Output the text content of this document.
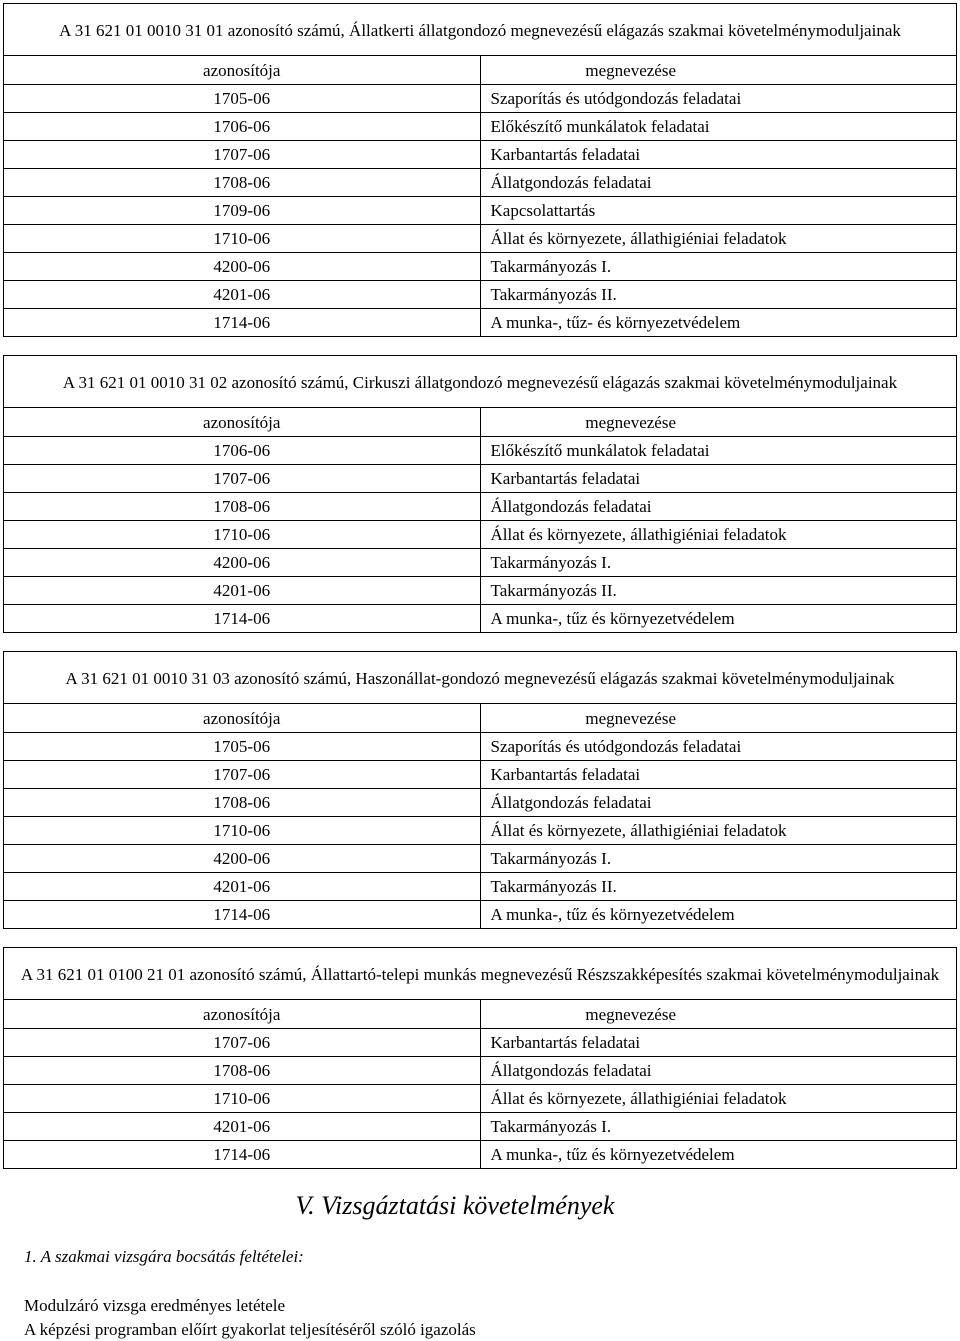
A 31 621 01 0010 31 01 azonosító számú, Állatkerti állatgondozó megnevezésű elágazás szakmai követelménymoduljainak	
azonosítója	megnevezése
1705-06	Szaporítás és utódgondozás feladatai
1706-06	Előkészítő munkálatok feladatai
1707-06	Karbantartás feladatai
1708-06	Állatgondozás feladatai
1709-06	Kapcsolattartás
1710-06	Állat és környezete, állathigiéniai feladatok
4200-06	Takarmányozás I.
4201-06	Takarmányozás II.
1714-06	A munka-, tűz- és környezetvédelem
A 31 621 01 0010 31 02 azonosító számú, Cirkuszi állatgondozó megnevezésű elágazás szakmai követelménymoduljainak	
azonosítója	megnevezése
1706-06	Előkészítő munkálatok feladatai
1707-06	Karbantartás feladatai
1708-06	Állatgondozás feladatai
1710-06	Állat és környezete, állathigiéniai feladatok
4200-06	Takarmányozás I.
4201-06	Takarmányozás II.
1714-06	A munka-, tűz és környezetvédelem
A 31 621 01 0010 31 03 azonosító számú, Haszonállat-gondozó megnevezésű elágazás szakmai követelménymoduljainak	
azonosítója	megnevezése
1705-06	Szaporítás és utódgondozás feladatai
1707-06	Karbantartás feladatai
1708-06	Állatgondozás feladatai
1710-06	Állat és környezete, állathigiéniai feladatok
4200-06	Takarmányozás I.
4201-06	Takarmányozás II.
1714-06	A munka-, tűz és környezetvédelem
A 31 621 01 0100 21 01 azonosító számú, Állattartó-telepi munkás megnevezésű Részszakképesítés szakmai követelménymoduljainak	
azonosítója	megnevezése
1707-06	Karbantartás feladatai
1708-06	Állatgondozás feladatai
1710-06	Állat és környezete, állathigiéniai feladatok
4201-06	Takarmányozás I.
1714-06	A munka-, tűz és környezetvédelem
V. Vizsgáztatási követelmények
1. A szakmai vizsgára bocsátás feltételei:
Modulzáró vizsga eredményes letétele
A képzési programban előírt gyakorlat teljesítéséről szóló igazolás
